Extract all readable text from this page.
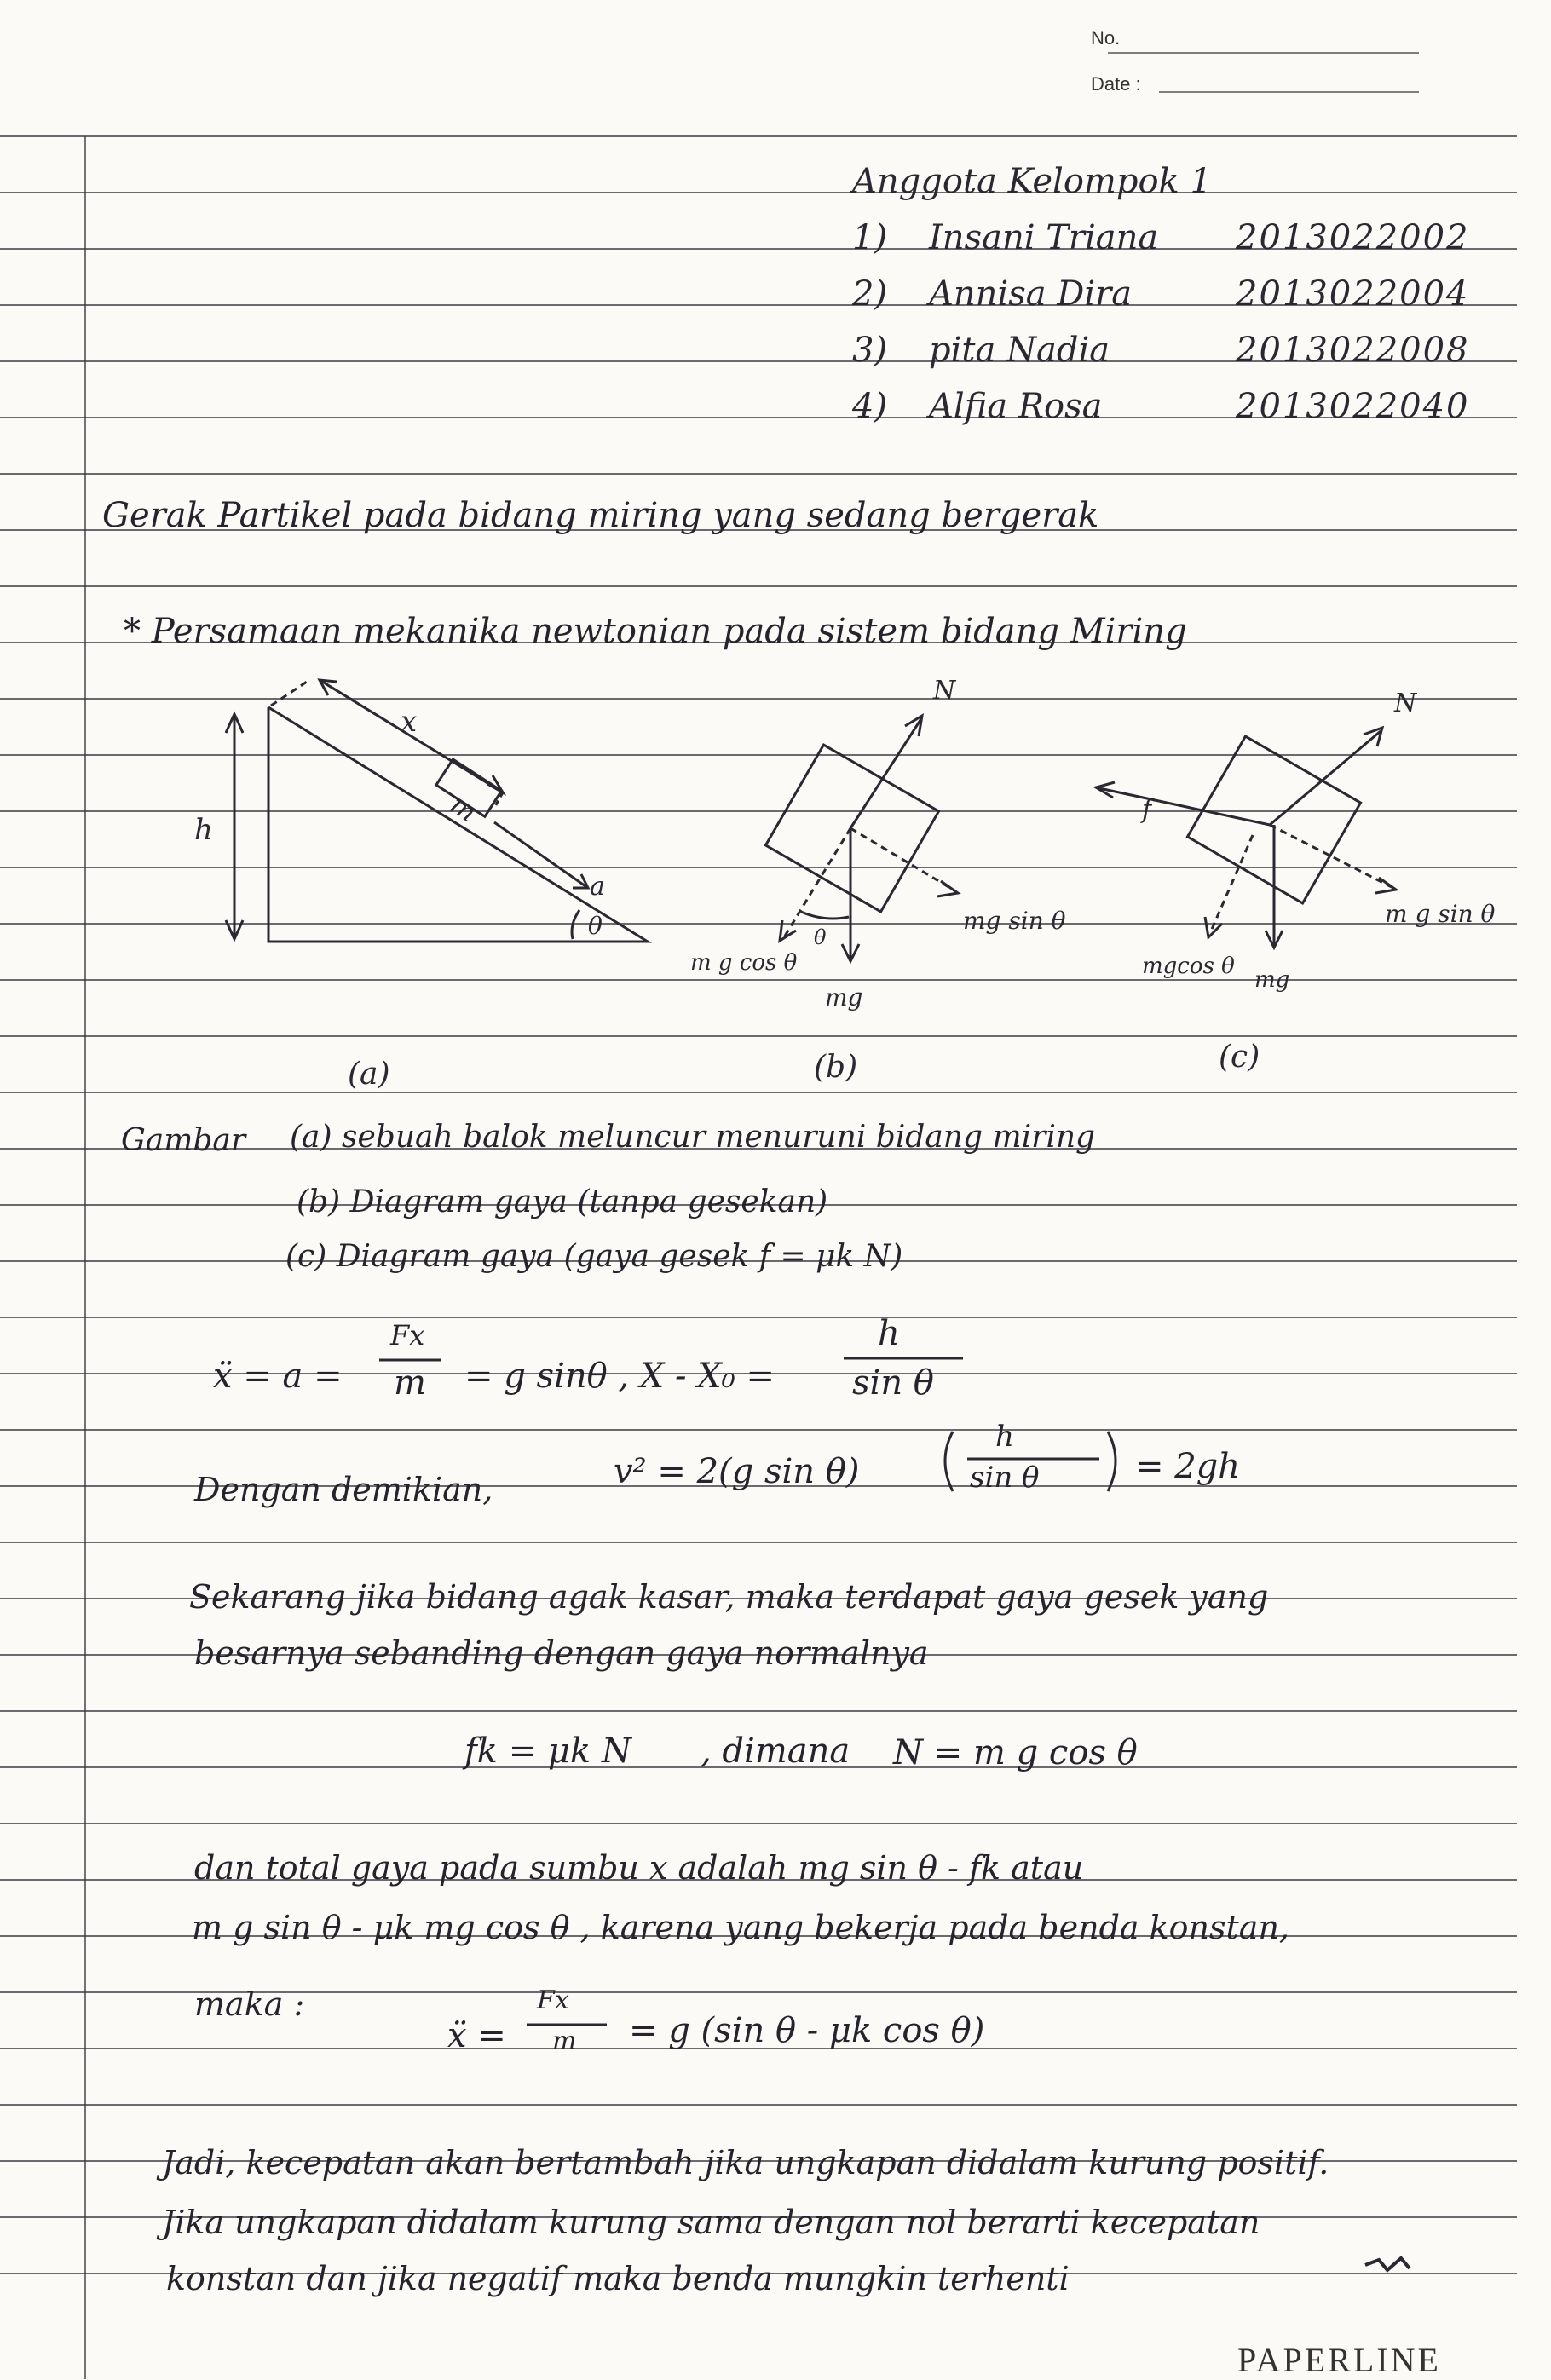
No.
Date :
Anggota Kelompok 1
1) Insani Triana 2013022002
2) Annisa Dira	2013022004
3) pita Nadia	2013022008
4) Alfia Rosa	2013022040
Gerak Partikel pada bidang miring yang sedang bergerak
* Persamaan mekanika newtonian pada sistem bidang Miring
x
h
m
a
θ
N
mg sin θ
m g cos θ
mg
θ
N
f
m g sin θ
mgcos θ
mg
(a)	(b)	(c)
Gambar (a) sebuah balok meluncur menuruni bidang miring
(b) Diagram gaya (tanpa gesekan)
(c) Diagram gaya (gaya gesek f = μk N)
ẍ = a =
Fx
m = g sinθ , X - X₀ =
h
sin θ
Dengan demikian,	v² = 2(g sin θ)
h
sin θ	= 2gh
Sekarang jika bidang agak kasar, maka terdapat gaya gesek yang
besarnya sebanding dengan gaya normalnya
fk = μk N , dimana N = m g cos θ
dan total gaya pada sumbu x adalah mg sin θ - fk atau
m g sin θ - μk mg cos θ , karena yang bekerja pada benda konstan,
maka :
ẍ =
Fx
m = g (sin θ - μk cos θ)
Jadi, kecepatan akan bertambah jika ungkapan didalam kurung positif.
Jika ungkapan didalam kurung sama dengan nol berarti kecepatan
konstan dan jika negatif maka benda mungkin terhenti
PAPERLINE
